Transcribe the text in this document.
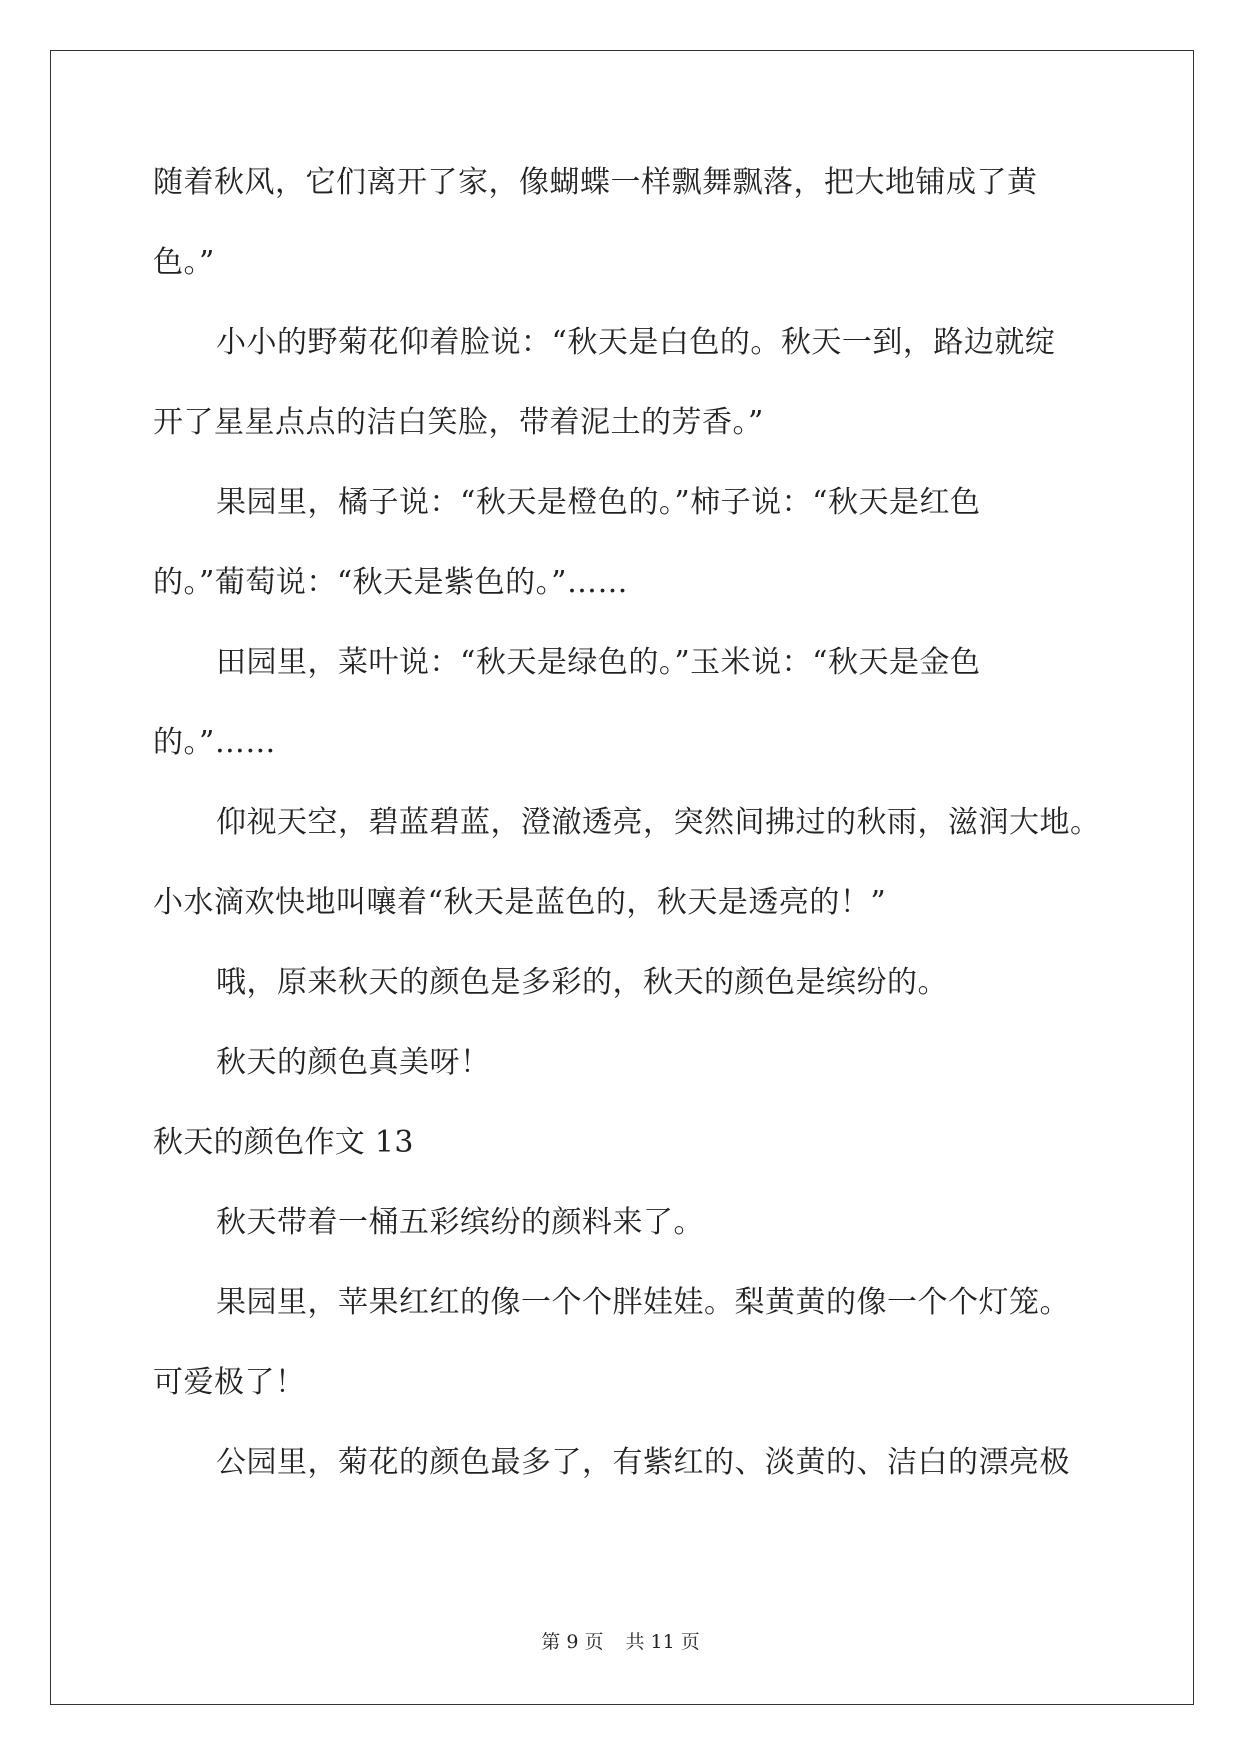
随着秋风，它们离开了家，像蝴蝶一样飘舞飘落，把大地铺成了黄

色。”

小小的野菊花仰着脸说：“秋天是白色的。秋天一到，路边就绽

开了星星点点的洁白笑脸，带着泥土的芳香。”

果园里，橘子说：“秋天是橙色的。”柿子说：“秋天是红色

的。”葡萄说：“秋天是紫色的。”……

田园里，菜叶说：“秋天是绿色的。”玉米说：“秋天是金色

的。”……

仰视天空，碧蓝碧蓝，澄澈透亮，突然间拂过的秋雨，滋润大地。

小水滴欢快地叫嚷着“秋天是蓝色的，秋天是透亮的！”

哦，原来秋天的颜色是多彩的，秋天的颜色是缤纷的。

秋天的颜色真美呀！

秋天的颜色作文 13

秋天带着一桶五彩缤纷的颜料来了。

果园里，苹果红红的像一个个胖娃娃。梨黄黄的像一个个灯笼。

可爱极了！

公园里，菊花的颜色最多了，有紫红的、淡黄的、洁白的漂亮极

第 9 页 共 11 页
